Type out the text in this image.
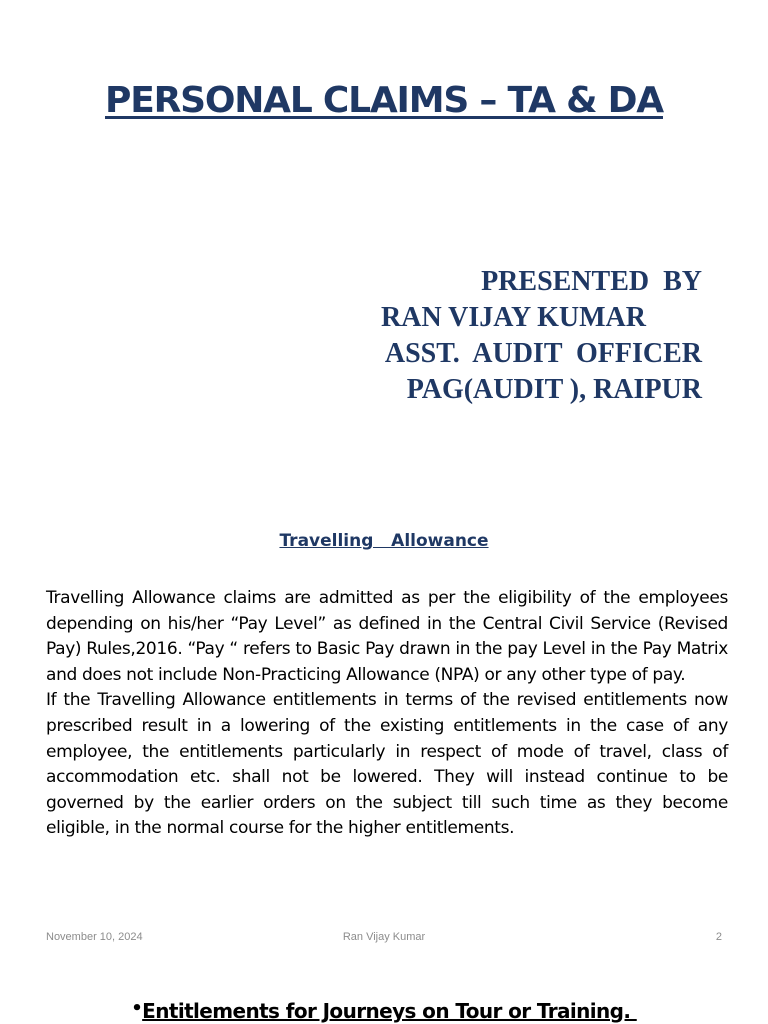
PERSONAL CLAIMS – TA & DA
PRESENTED  BY
RAN VIJAY KUMAR
ASST.  AUDIT  OFFICER
PAG(AUDIT ), RAIPUR
Travelling   Allowance

Travelling Allowance claims are admitted as per the eligibility of the employees depending on his/her “Pay Level” as defined in the Central Civil Service (Revised Pay) Rules,2016. “Pay “ refers to Basic Pay drawn in the pay Level in the Pay Matrix and does not include Non-Practicing Allowance (NPA) or any other type of pay.

If the Travelling Allowance entitlements in terms of the revised entitlements now prescribed result in a lowering of the existing entitlements in the case of any employee, the entitlements particularly in respect of mode of travel, class of accommodation etc. shall not be lowered. They will instead continue to be governed by the earlier orders on the subject till such time as they become eligible, in the normal course for the higher entitlements.

November 10, 2024	Ran Vijay Kumar	2
•Entitlements for Journeys on Tour or Training.
